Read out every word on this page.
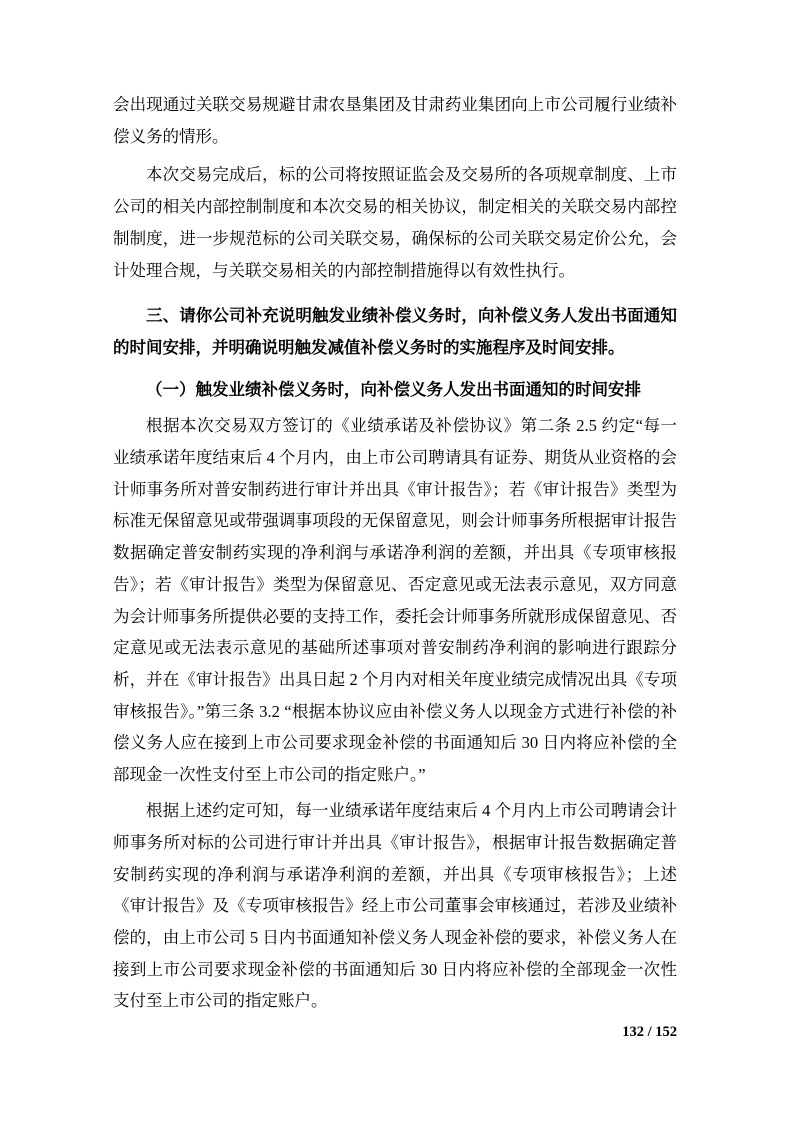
会出现通过关联交易规避甘肃农垦集团及甘肃药业集团向上市公司履行业绩补偿义务的情形。

本次交易完成后，标的公司将按照证监会及交易所的各项规章制度、上市公司的相关内部控制制度和本次交易的相关协议，制定相关的关联交易内部控制制度，进一步规范标的公司关联交易，确保标的公司关联交易定价公允，会计处理合规，与关联交易相关的内部控制措施得以有效性执行。

三、请你公司补充说明触发业绩补偿义务时，向补偿义务人发出书面通知的时间安排，并明确说明触发减值补偿义务时的实施程序及时间安排。

（一）触发业绩补偿义务时，向补偿义务人发出书面通知的时间安排

根据本次交易双方签订的《业绩承诺及补偿协议》第二条 2.5 约定“每一业绩承诺年度结束后 4 个月内，由上市公司聘请具有证券、期货从业资格的会计师事务所对普安制药进行审计并出具《审计报告》；若《审计报告》类型为标准无保留意见或带强调事项段的无保留意见，则会计师事务所根据审计报告数据确定普安制药实现的净利润与承诺净利润的差额，并出具《专项审核报告》；若《审计报告》类型为保留意见、否定意见或无法表示意见，双方同意为会计师事务所提供必要的支持工作，委托会计师事务所就形成保留意见、否定意见或无法表示意见的基础所述事项对普安制药净利润的影响进行跟踪分析，并在《审计报告》出具日起 2 个月内对相关年度业绩完成情况出具《专项审核报告》。”第三条 3.2 “根据本协议应由补偿义务人以现金方式进行补偿的补偿义务人应在接到上市公司要求现金补偿的书面通知后 30 日内将应补偿的全部现金一次性支付至上市公司的指定账户。”

根据上述约定可知，每一业绩承诺年度结束后 4 个月内上市公司聘请会计师事务所对标的公司进行审计并出具《审计报告》，根据审计报告数据确定普安制药实现的净利润与承诺净利润的差额，并出具《专项审核报告》；上述《审计报告》及《专项审核报告》经上市公司董事会审核通过，若涉及业绩补偿的，由上市公司 5 日内书面通知补偿义务人现金补偿的要求，补偿义务人在接到上市公司要求现金补偿的书面通知后 30 日内将应补偿的全部现金一次性支付至上市公司的指定账户。

132 / 152
